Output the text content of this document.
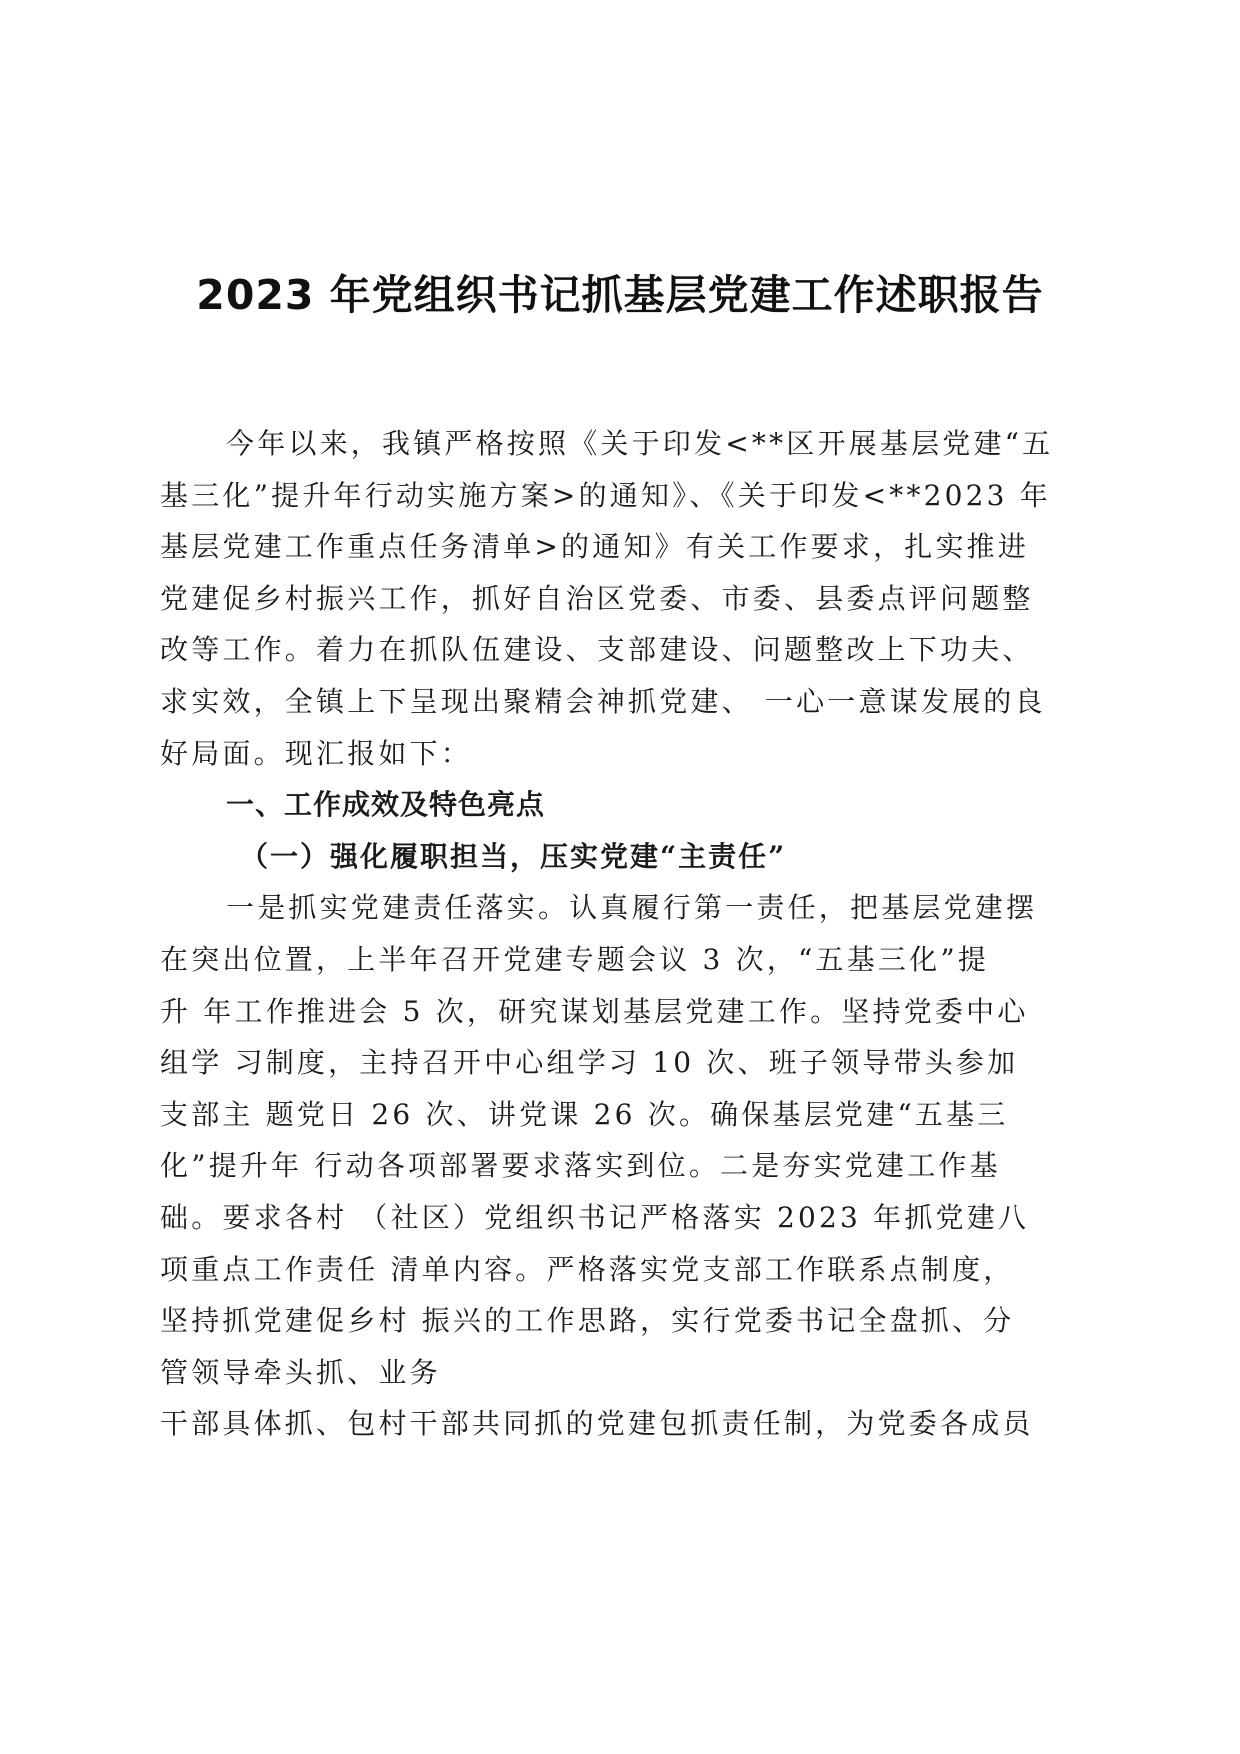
2023 年党组织书记抓基层党建工作述职报告
今年以来，我镇严格按照《关于印发<**区开展基层党建“五
基三化”提升年行动实施方案>的通知》、《关于印发<**2023 年
基层党建工作重点任务清单>的通知》有关工作要求，扎实推进
党建促乡村振兴工作，抓好自治区党委、市委、县委点评问题整
改等工作。着力在抓队伍建设、支部建设、问题整改上下功夫、
求实效，全镇上下呈现出聚精会神抓党建、 一心一意谋发展的良
好局面。现汇报如下：
一、工作成效及特色亮点
（一）强化履职担当，压实党建“主责任”
一是抓实党建责任落实。认真履行第一责任，把基层党建摆
在突出位置，上半年召开党建专题会议 3 次，“五基三化”提
升 年工作推进会 5 次，研究谋划基层党建工作。坚持党委中心
组学 习制度，主持召开中心组学习 10 次、班子领导带头参加
支部主 题党日 26 次、讲党课 26 次。确保基层党建“五基三
化”提升年 行动各项部署要求落实到位。二是夯实党建工作基
础。要求各村 （社区）党组织书记严格落实 2023 年抓党建八
项重点工作责任 清单内容。严格落实党支部工作联系点制度，
坚持抓党建促乡村 振兴的工作思路，实行党委书记全盘抓、分
管领导牵头抓、业务
干部具体抓、包村干部共同抓的党建包抓责任制，为党委各成员
